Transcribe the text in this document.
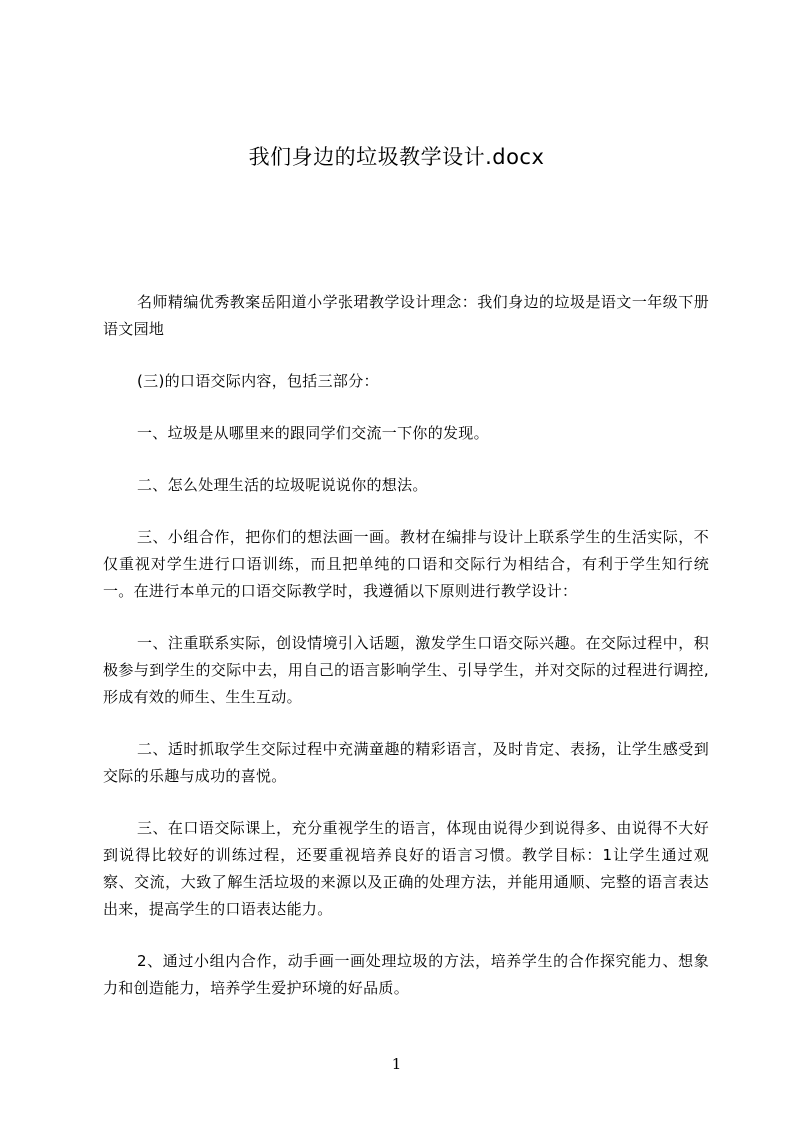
我们身边的垃圾教学设计.docx

名师精编优秀教案岳阳道小学张珺教学设计理念：我们身边的垃圾是语文一年级下册语文园地

(三)的口语交际内容，包括三部分：

一、垃圾是从哪里来的跟同学们交流一下你的发现。

二、怎么处理生活的垃圾呢说说你的想法。

三、小组合作，把你们的想法画一画。教材在编排与设计上联系学生的生活实际，不仅重视对学生进行口语训练，而且把单纯的口语和交际行为相结合，有利于学生知行统一。在进行本单元的口语交际教学时，我遵循以下原则进行教学设计：

一、注重联系实际，创设情境引入话题，激发学生口语交际兴趣。在交际过程中，积极参与到学生的交际中去，用自己的语言影响学生、引导学生，并对交际的过程进行调控,形成有效的师生、生生互动。

二、适时抓取学生交际过程中充满童趣的精彩语言，及时肯定、表扬，让学生感受到交际的乐趣与成功的喜悦。

三、在口语交际课上，充分重视学生的语言，体现由说得少到说得多、由说得不大好到说得比较好的训练过程，还要重视培养良好的语言习惯。教学目标：1让学生通过观察、交流，大致了解生活垃圾的来源以及正确的处理方法，并能用通顺、完整的语言表达出来，提高学生的口语表达能力。

2、通过小组内合作，动手画一画处理垃圾的方法，培养学生的合作探究能力、想象力和创造能力，培养学生爱护环境的好品质。

1
